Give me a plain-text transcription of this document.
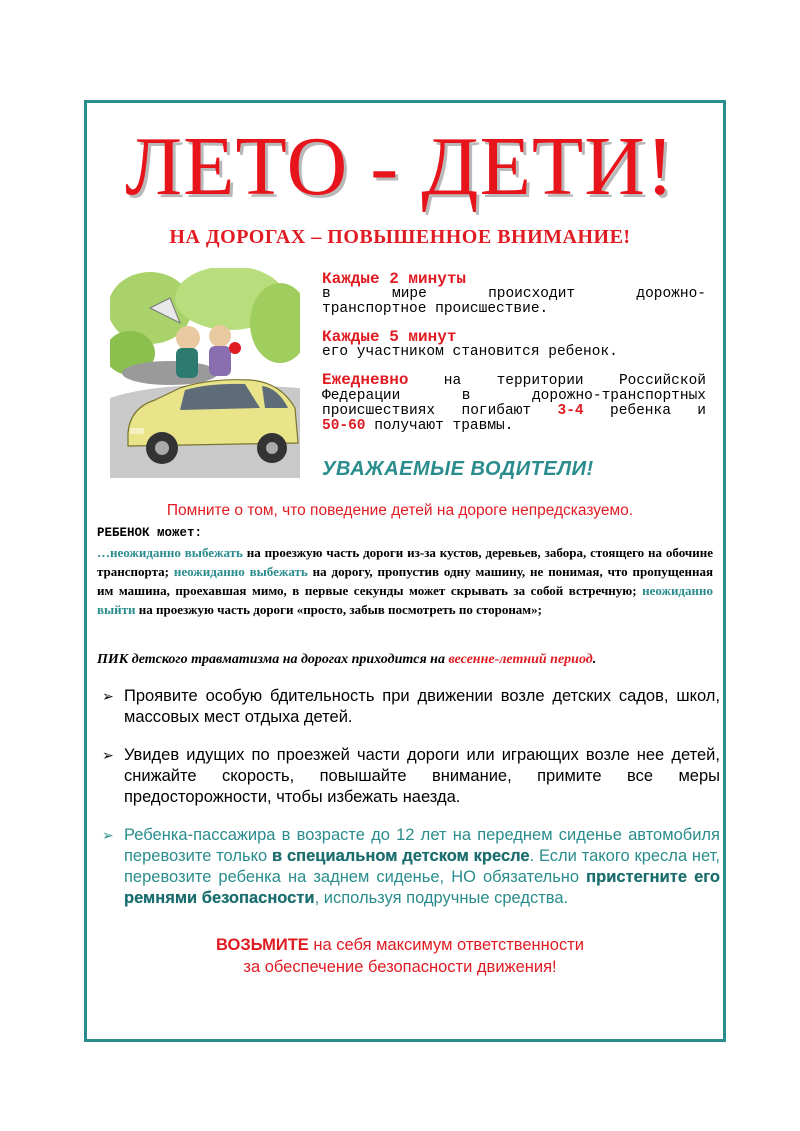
ЛЕТО - ДЕТИ!
НА ДОРОГАХ – ПОВЫШЕННОЕ ВНИМАНИЕ!

Каждые 2 минуты

в мире происходит дорожно-

транспортное происшествие.

Каждые 5 минут

его участником становится ребенок.

Ежедневно на территории Российской

Федерации в дорожно-транспортных

происшествиях погибают 3-4 ребенка и

50-60 получают травмы.

УВАЖАЕМЫЕ ВОДИТЕЛИ!
Помните о том, что поведение детей на дороге непредсказуемо.
РЕБЕНОК может:
…неожиданно выбежать на проезжую часть дороги из-за кустов, деревьев, забора, стоящего на обочине транспорта; неожиданно выбежать на дорогу, пропустив одну машину, не понимая, что пропущенная им машина, проехавшая мимо, в первые секунды может скрывать за собой встречную; неожиданно выйти на проезжую часть дороги «просто, забыв посмотреть по сторонам»;
ПИК детского травматизма на дорогах приходится на весенне-летний период.
➢ Проявите особую бдительность при движении возле детских садов, школ, массовых мест отдыха детей.
➢ Увидев идущих по проезжей части дороги или играющих возле нее детей, снижайте скорость, повышайте внимание, примите все меры предосторожности, чтобы избежать наезда.
➢ Ребенка-пассажира в возрасте до 12 лет на переднем сиденье автомобиля перевозите только в специальном детском кресле. Если такого кресла нет, перевозите ребенка на заднем сиденье, НО обязательно пристегните его ремнями безопасности, используя подручные средства.
ВОЗЬМИТЕ на себя максимум ответственности
за обеспечение безопасности движения!
